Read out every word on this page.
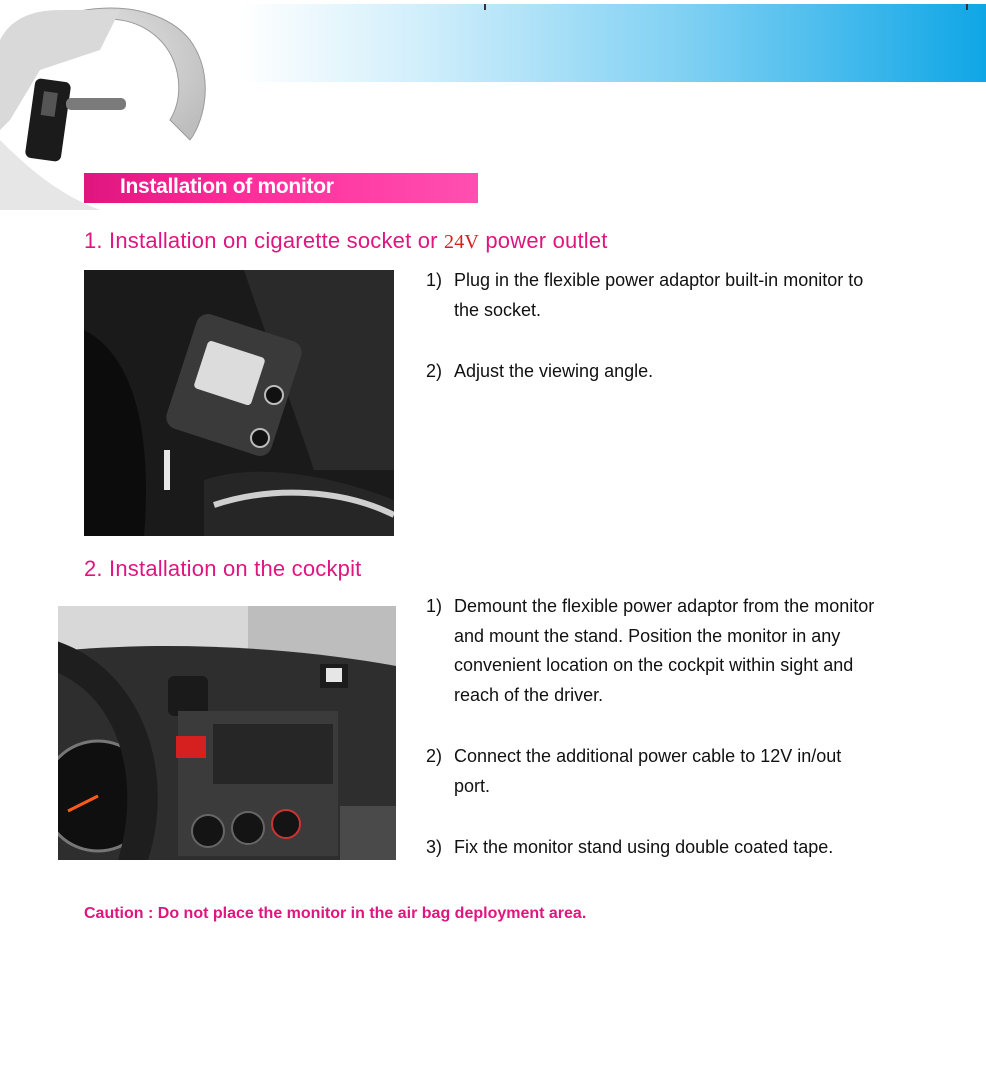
Installation of monitor
1. Installation on cigarette socket or 24V power outlet
1) Plug in the flexible power adaptor built-in monitor to the socket.
2) Adjust the viewing angle.
2. Installation on the cockpit
1) Demount the flexible power adaptor from the monitor and mount the stand. Position the monitor in any convenient location on the cockpit within sight and reach of the driver.
2) Connect the additional power cable to 12V in/out port.
3) Fix the monitor stand using double coated tape.
Caution : Do not place the monitor in the air bag deployment area.
